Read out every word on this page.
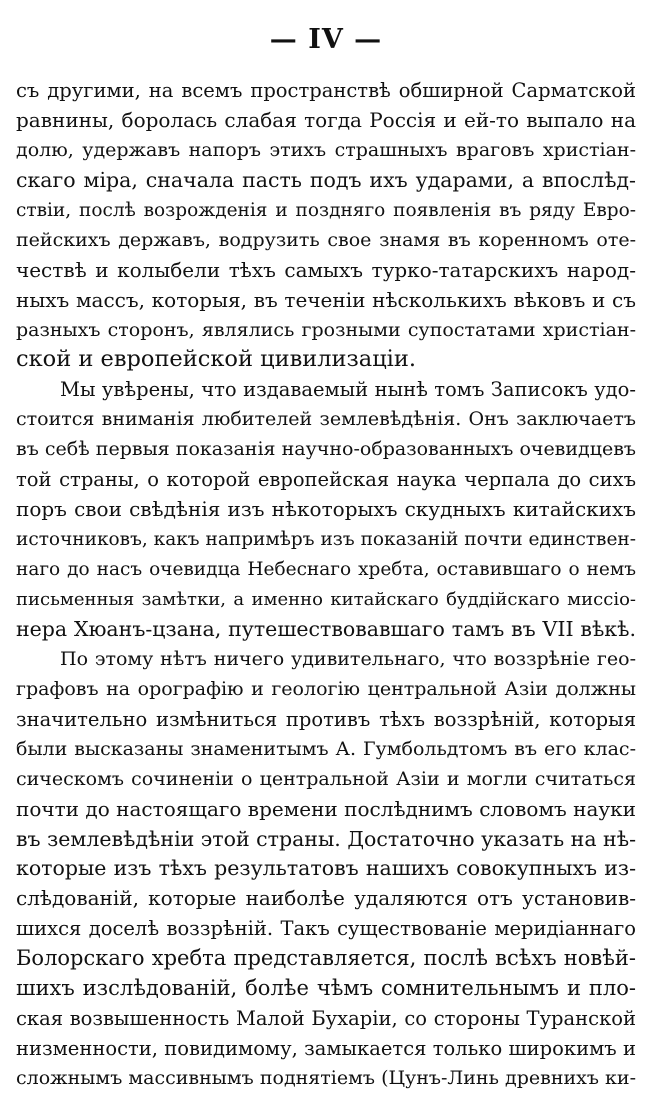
— IV —
съ другими, на всемъ пространствѣ обширной Сарматской
равнины, боролась слабая тогда Россія и ей-то выпало на
долю, удержавъ напоръ этихъ страшныхъ враговъ христіан-
скаго міра, сначала пасть подъ ихъ ударами, а впослѣд-
ствіи, послѣ возрожденія и поздняго появленія въ ряду Евро-
пейскихъ державъ, водрузить свое знамя въ коренномъ оте-
чествѣ и колыбели тѣхъ самыхъ турко-татарскихъ народ-
ныхъ массъ, которыя, въ теченіи нѣсколькихъ вѣковъ и съ
разныхъ сторонъ, являлись грозными супостатами христіан-
ской и европейской цивилизаціи.
Мы увѣрены, что издаваемый нынѣ томъ Записокъ удо-
стоится вниманія любителей землевѣдѣнія. Онъ заключаетъ
въ себѣ первыя показанія научно-образованныхъ очевидцевъ
той страны, о которой европейская наука черпала до сихъ
поръ свои свѣдѣнія изъ нѣкоторыхъ скудныхъ китайскихъ
источниковъ, какъ напримѣръ изъ показаній почти единствен-
наго до насъ очевидца Небеснаго хребта, оставившаго о немъ
письменныя замѣтки, а именно китайскаго буддійскаго миссіо-
нера Хюанъ-цзана, путешествовавшаго тамъ въ VII вѣкѣ.
По этому нѣтъ ничего удивительнаго, что воззрѣніе гео-
графовъ на орографію и геологію центральной Азіи должны
значительно измѣниться противъ тѣхъ воззрѣній, которыя
были высказаны знаменитымъ А. Гумбольдтомъ въ его клас-
сическомъ сочиненіи о центральной Азіи и могли считаться
почти до настоящаго времени послѣднимъ словомъ науки
въ землевѣдѣніи этой страны. Достаточно указать на нѣ-
которые изъ тѣхъ результатовъ нашихъ совокупныхъ из-
слѣдованій, которые наиболѣе удаляются отъ установив-
шихся доселѣ воззрѣній. Такъ существованіе меридіаннаго
Болорскаго хребта представляется, послѣ всѣхъ новѣй-
шихъ изслѣдованій, болѣе чѣмъ сомнительнымъ и пло-
ская возвышенность Малой Бухаріи, со стороны Туранской
низменности, повидимому, замыкается только широкимъ и
сложнымъ массивнымъ поднятіемъ (Цунъ-Линь древнихъ ки-
